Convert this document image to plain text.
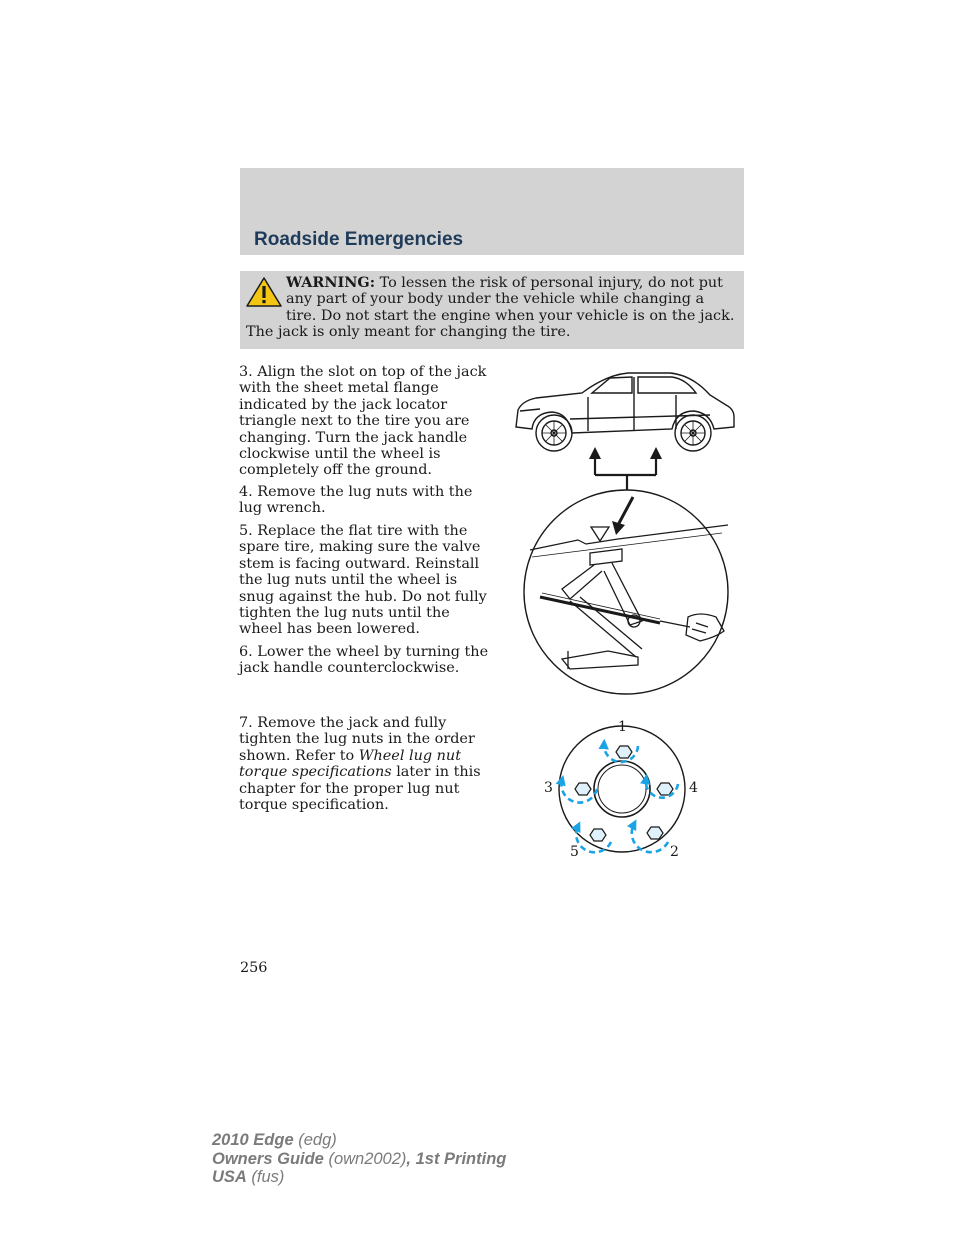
Roadside Emergencies

WARNING: To lessen the risk of personal injury, do not put any part of your body under the vehicle while changing a tire. Do not start the engine when your vehicle is on the jack. The jack is only meant for changing the tire.

3. Align the slot on top of the jack with the sheet metal flange indicated by the jack locator triangle next to the tire you are changing. Turn the jack handle clockwise until the wheel is completely off the ground.

4. Remove the lug nuts with the lug wrench.

5. Replace the flat tire with the spare tire, making sure the valve stem is facing outward. Reinstall the lug nuts until the wheel is snug against the hub. Do not fully tighten the lug nuts until the wheel has been lowered.

6. Lower the wheel by turning the jack handle counterclockwise.

7. Remove the jack and fully tighten the lug nuts in the order shown. Refer to Wheel lug nut torque specifications later in this chapter for the proper lug nut torque specification.

1
2
3	4
5

256

2010 Edge (edg)
Owners Guide (own2002), 1st Printing
USA (fus)
